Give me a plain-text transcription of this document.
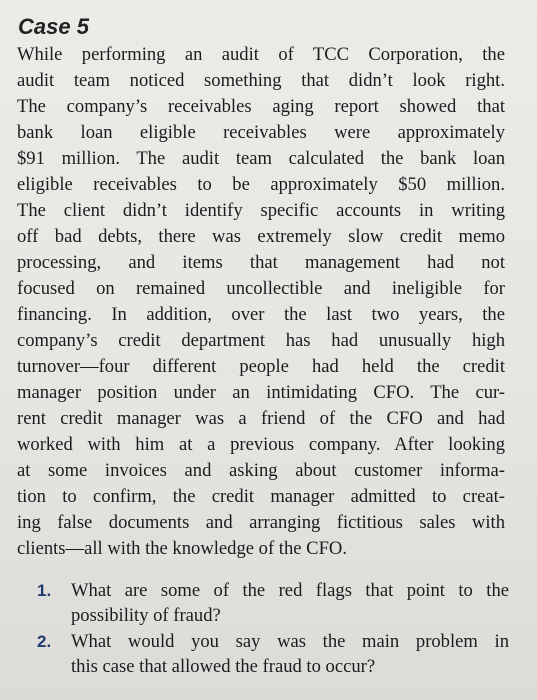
Case 5

While performing an audit of TCC Corporation, the
audit team noticed something that didn’t look right.
The company’s receivables aging report showed that
bank loan eligible receivables were approximately
$91 million. The audit team calculated the bank loan
eligible receivables to be approximately $50 million.
The client didn’t identify specific accounts in writing
off bad debts, there was extremely slow credit memo
processing, and items that management had not
focused on remained uncollectible and ineligible for
financing. In addition, over the last two years, the
company’s credit department has had unusually high
turnover—four different people had held the credit
manager position under an intimidating CFO. The cur-
rent credit manager was a friend of the CFO and had
worked with him at a previous company. After looking
at some invoices and asking about customer informa-
tion to confirm, the credit manager admitted to creat-
ing false documents and arranging fictitious sales with
clients—all with the knowledge of the CFO.

1. What are some of the red flags that point to the
possibility of fraud?
2. What would you say was the main problem in
this case that allowed the fraud to occur?
